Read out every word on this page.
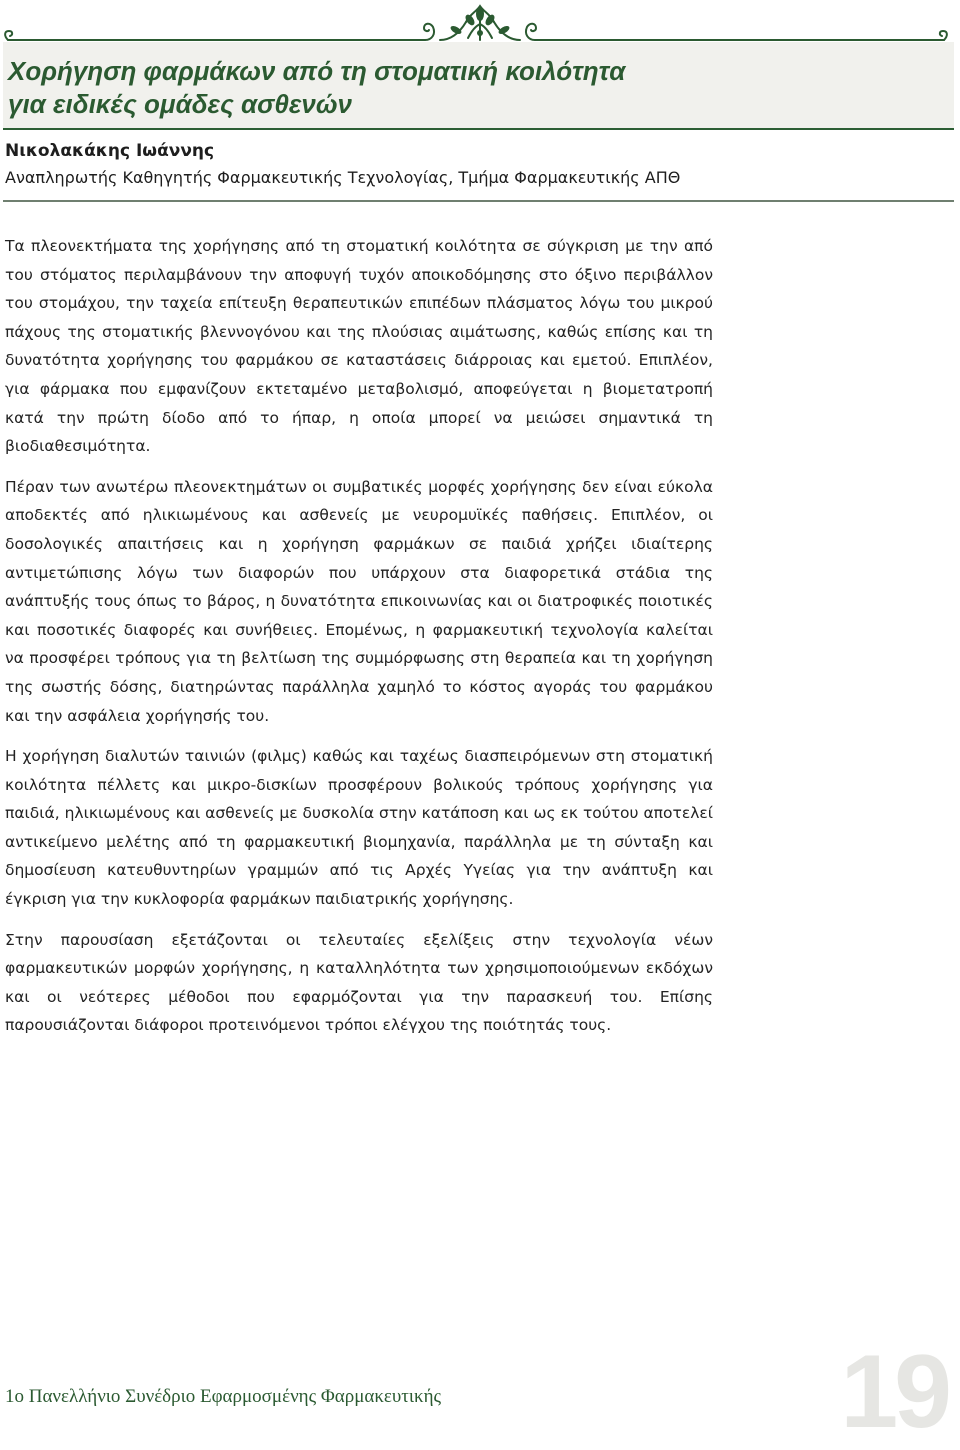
Χορήγηση φαρμάκων από τη στοματική κοιλότητα
για ειδικές ομάδες ασθενών
Νικολακάκης Ιωάννης
Αναπληρωτής Καθηγητής Φαρμακευτικής Τεχνολογίας, Τμήμα Φαρμακευτικής ΑΠΘ

Τα πλεονεκτήματα της χορήγησης από τη στοματική κοιλότητα σε σύγκριση με την από του στόματος περιλαμβάνουν την αποφυγή τυχόν αποικοδόμησης στο όξινο περιβάλλον του στομάχου, την ταχεία επίτευξη θεραπευτικών επιπέδων πλάσματος λόγω του μικρού πάχους της στοματικής βλεννογόνου και της πλούσιας αιμάτωσης, καθώς επίσης και τη δυνατότητα χορήγησης του φαρμάκου σε καταστάσεις διάρροιας και εμετού. Επιπλέον, για φάρμακα που εμφανίζουν εκτεταμένο μεταβολισμό, αποφεύγεται η βιομετατροπή κατά την πρώτη δίοδο από το ήπαρ, η οποία μπορεί να μειώσει σημαντικά τη βιοδιαθεσιμότητα.

Πέραν των ανωτέρω πλεονεκτημάτων οι συμβατικές μορφές χορήγησης δεν είναι εύκολα αποδεκτές από ηλικιωμένους και ασθενείς με νευρομυϊκές παθήσεις. Επιπλέον, οι δοσολογικές απαιτήσεις και η χορήγηση φαρμάκων σε παιδιά χρήζει ιδιαίτερης αντιμετώπισης λόγω των διαφορών που υπάρχουν στα διαφορετικά στάδια της ανάπτυξής τους όπως το βάρος, η δυνατότητα επικοινωνίας και οι διατροφικές ποιοτικές και ποσοτικές διαφορές και συνήθειες. Επομένως, η φαρμακευτική τεχνολογία καλείται να προσφέρει τρόπους για τη βελτίωση της συμμόρφωσης στη θεραπεία και τη χορήγηση της σωστής δόσης, διατηρώντας παράλληλα χαμηλό το κόστος αγοράς του φαρμάκου και την ασφάλεια χορήγησής του.

Η χορήγηση διαλυτών ταινιών (φιλμς) καθώς και ταχέως διασπειρόμενων στη στοματική κοιλότητα πέλλετς και μικρο-δισκίων προσφέρουν βολικούς τρόπους χορήγησης για παιδιά, ηλικιωμένους και ασθενείς με δυσκολία στην κατάποση και ως εκ τούτου αποτελεί αντικείμενο μελέτης από τη φαρμακευτική βιομηχανία, παράλληλα με τη σύνταξη και δημοσίευση κατευθυντηρίων γραμμών από τις Αρχές Υγείας για την ανάπτυξη και έγκριση για την κυκλοφορία φαρμάκων παιδιατρικής χορήγησης.

Στην παρουσίαση εξετάζονται οι τελευταίες εξελίξεις στην τεχνολογία νέων φαρμακευτικών μορφών χορήγησης, η καταλληλότητα των χρησιμοποιούμενων εκδόχων και οι νεότερες μέθοδοι που εφαρμόζονται για την παρασκευή του. Επίσης παρουσιάζονται διάφοροι προτεινόμενοι τρόποι ελέγχου της ποιότητάς τους.

1ο Πανελλήνιο Συνέδριο Εφαρμοσμένης Φαρμακευτικής	19
